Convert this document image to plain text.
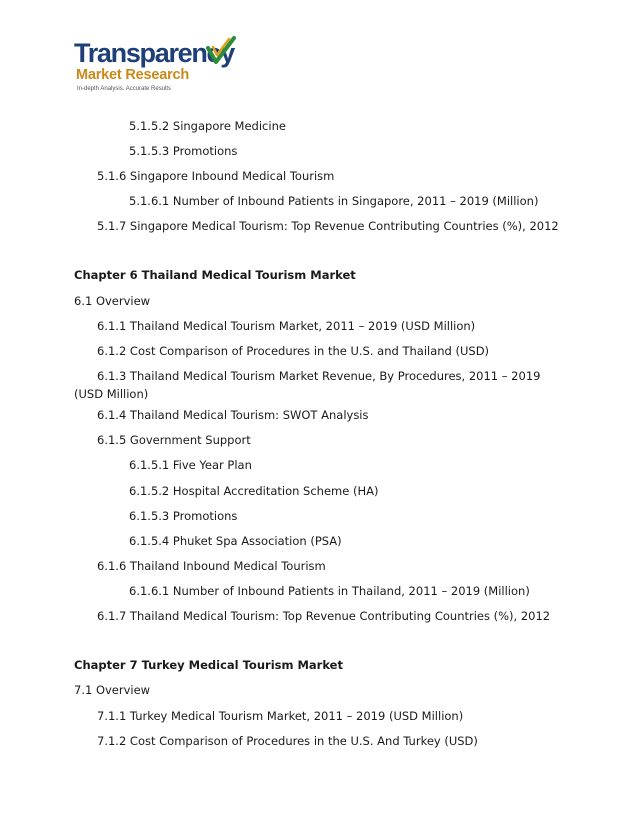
Transparency
Market Research
In-depth Analysis. Accurate Results
5.1.5.2 Singapore Medicine
5.1.5.3 Promotions
5.1.6 Singapore Inbound Medical Tourism
5.1.6.1 Number of Inbound Patients in Singapore, 2011 – 2019 (Million)
5.1.7 Singapore Medical Tourism: Top Revenue Contributing Countries (%), 2012
Chapter 6 Thailand Medical Tourism Market
6.1 Overview
6.1.1 Thailand Medical Tourism Market, 2011 – 2019 (USD Million)
6.1.2 Cost Comparison of Procedures in the U.S. and Thailand (USD)
6.1.3 Thailand Medical Tourism Market Revenue, By Procedures, 2011 – 2019 (USD Million)
6.1.4 Thailand Medical Tourism: SWOT Analysis
6.1.5 Government Support
6.1.5.1 Five Year Plan
6.1.5.2 Hospital Accreditation Scheme (HA)
6.1.5.3 Promotions
6.1.5.4 Phuket Spa Association (PSA)
6.1.6 Thailand Inbound Medical Tourism
6.1.6.1 Number of Inbound Patients in Thailand, 2011 – 2019 (Million)
6.1.7 Thailand Medical Tourism: Top Revenue Contributing Countries (%), 2012
Chapter 7 Turkey Medical Tourism Market
7.1 Overview
7.1.1 Turkey Medical Tourism Market, 2011 – 2019 (USD Million)
7.1.2 Cost Comparison of Procedures in the U.S. And Turkey (USD)
